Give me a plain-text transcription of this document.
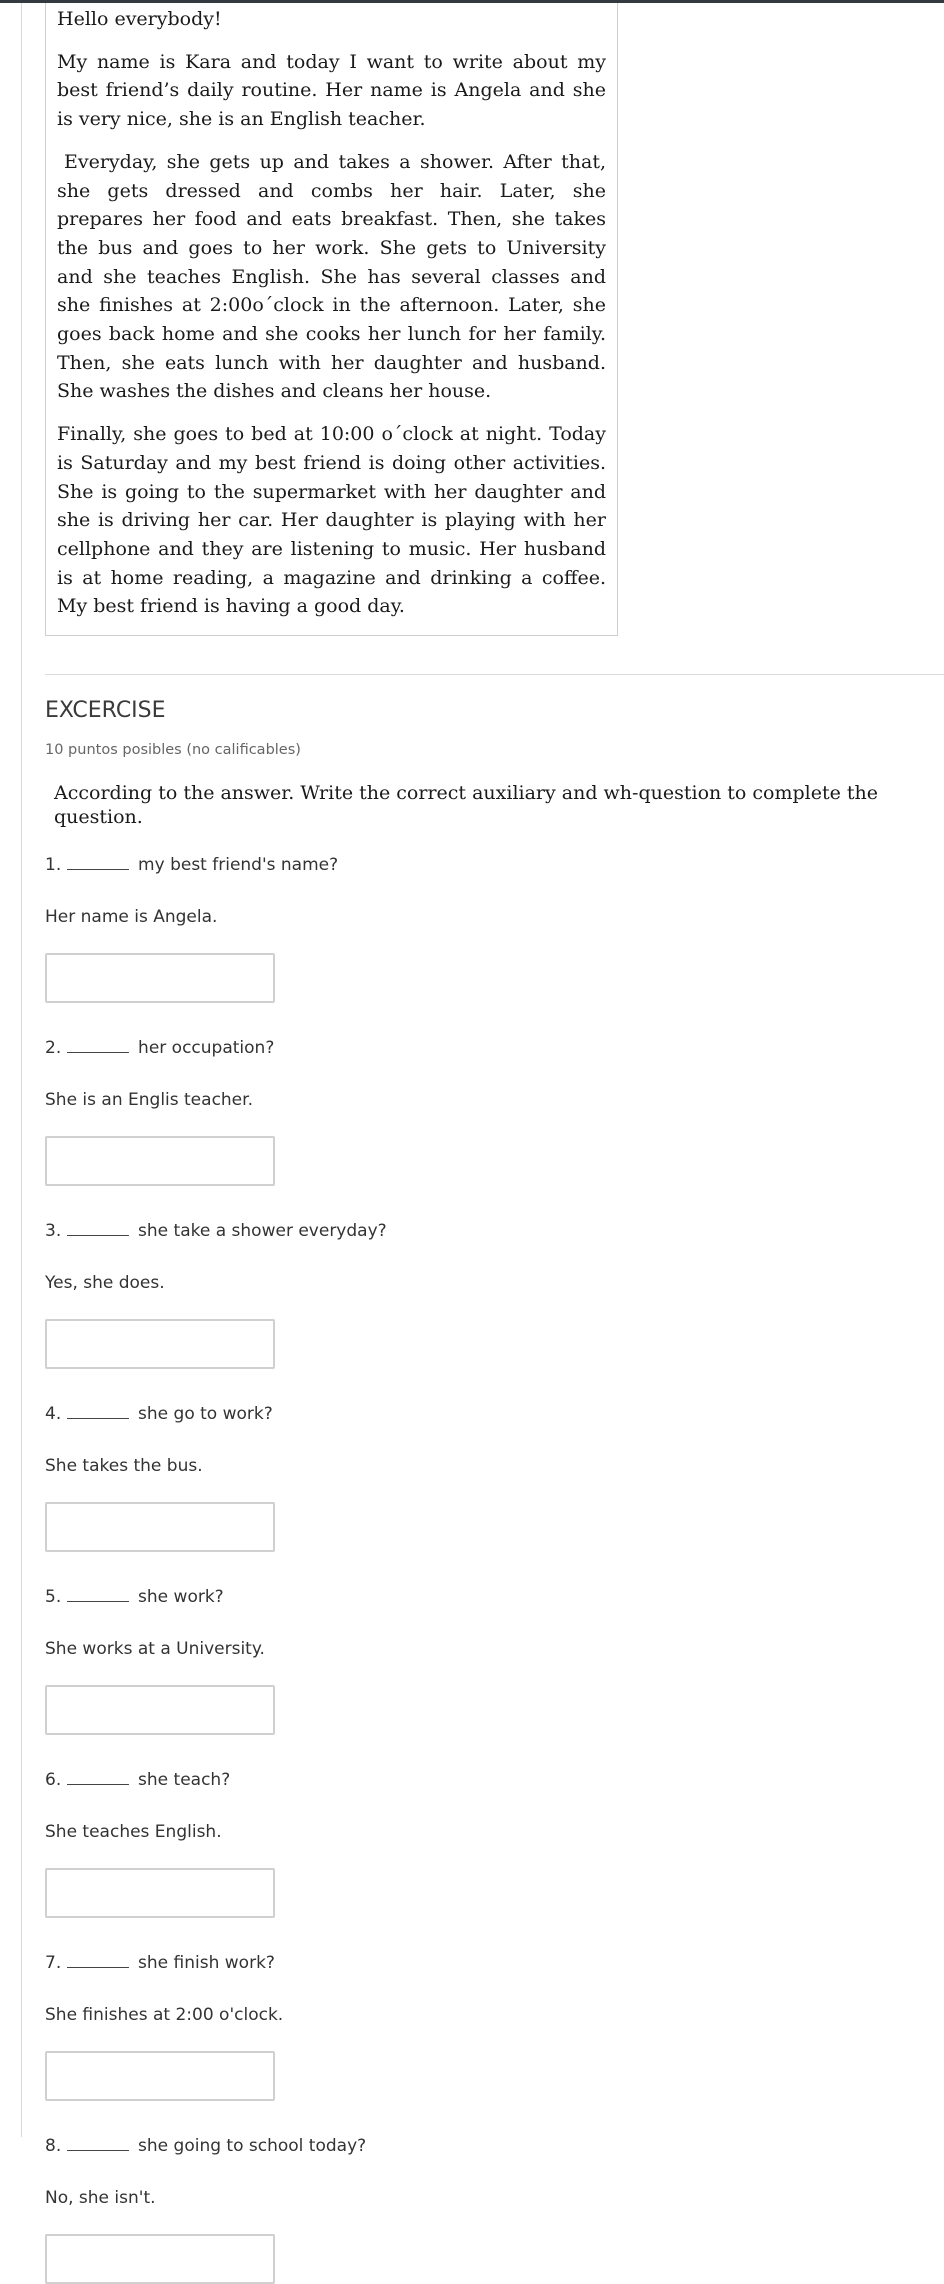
Hello everybody!

My name is Kara and today I want to write about my best friend’s daily routine. Her name is Angela and she is very nice, she is an English teacher.

Everyday, she gets up and takes a shower. After that, she gets dressed and combs her hair. Later, she prepares her food and eats breakfast. Then, she takes the bus and goes to her work. She gets to University and she teaches English. She has several classes and she finishes at 2:00o´clock in the afternoon. Later, she goes back home and she cooks her lunch for her family. Then, she eats lunch with her daughter and husband. She washes the dishes and cleans her house.

Finally, she goes to bed at 10:00 o´clock at night. Today is Saturday and my best friend is doing other activities. She is going to the supermarket with her daughter and she is driving her car. Her daughter is playing with her cellphone and they are listening to music. Her husband is at home reading, a magazine and drinking a coffee. My best friend is having a good day.

EXCERCISE
10 puntos posibles (no calificables)
According to the answer. Write the correct auxiliary and wh-question to complete the question.
1.	my best friend's name?
Her name is Angela.
2.	her occupation?
She is an Englis teacher.
3.	she take a shower everyday?
Yes, she does.
4.	she go to work?
She takes the bus.
5.	she work?
She works at a University.
6.	she teach?
She teaches English.
7.	she finish work?
She finishes at 2:00 o'clock.
8.	she going to school today?
No, she isn't.
